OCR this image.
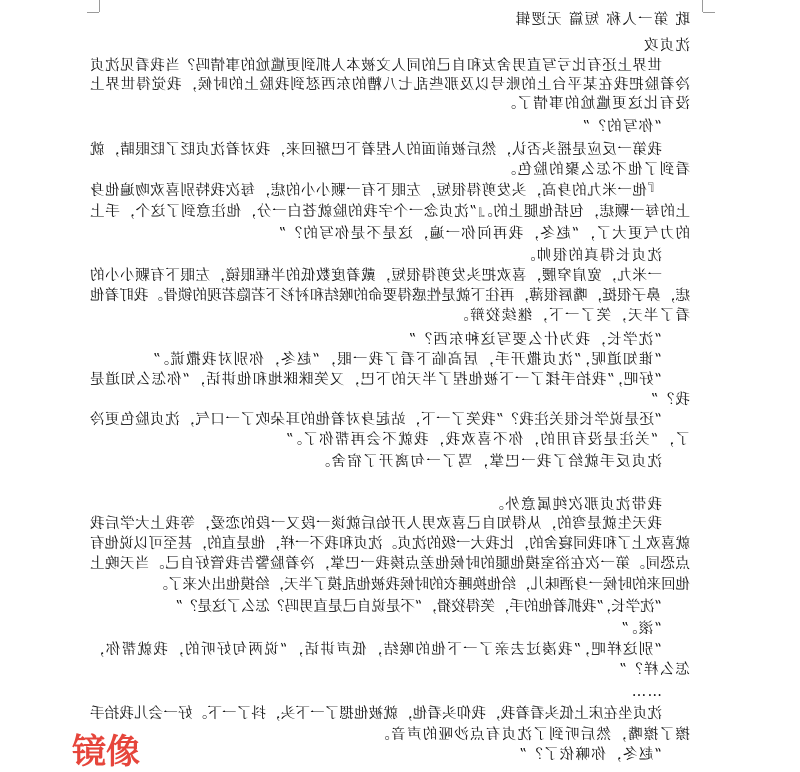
耽 第一人称 短篇 无逻辑
沈贞攻
世界上还有比亏写直男舍友和自己的同人文被本人抓到更尴尬的事情吗？当我看见沈贞
冷着脸把我在某平台上的账号以及那些乱七八糟的东西怼到我脸上的时候，我觉得世界上
没有比这更尴尬的事情了。
“你写的？”
我第一反应是摇头否认，然后被前面的人捏着下巴掰回来，我对着沈贞眨了眨眼睛，就
看到了他不怎么聚的脸色。
『他一米九的身高，头发剪得很短，左眼下有一颗小小的痣，每次我特别喜欢吻遍他身
上的每一颗痣，包括他腿上的。』”沈贞念一个字我的脸就苍白一分，他注意到了这个，手上
的力气更大了，“赵冬，我再问你一遍，这是不是你写的？”
沈贞长得真的很帅。
一米九，宽肩窄腰，喜欢把头发剪得很短，戴着度数低的半框眼镜，左眼下有颗小小的
痣，鼻子很挺，嘴唇很薄，再往下就是性感得要命的喉结和衬衫下若隐若现的锁骨。我盯着他
看了半天，笑了一下，继续狡辩。
“沈学长，我为什么要写这种东西？”
“谁知道呢，”沈贞撒开手，居高临下看了我一眼，“赵冬，你别对我撒谎。”
“好吧，”我抬手揉了一下被他捏了半天的下巴，又笑眯眯地和他讲话，“你怎么知道是
我？”
“还是说学长很关注我？”我笑了一下，站起身对着他的耳朵吹了一口气，沈贞脸色更冷
了，“关注是没有用的，你不喜欢我，我就不会再帮你了。”
沈贞反手就给了我一巴掌，骂了一句离开了宿舍。
我带沈贞那次纯属意外。
我天生就是弯的，从得知自己喜欢男人开始后就谈一段又一段的恋爱，等我上大学后我
就喜欢上了和我同寝舍的，比我大一级的沈贞。沈贞和我不一样，他是直的，甚至可以说他有
点恐同。第一次在浴室摸他腿的时候他差点揍我一巴掌，冷着脸警告我管好自己。当天晚上
他回来的时候一身酒味儿，给他换睡衣的时候我被他乱摸了半天，给摸他出火来了。
“沈学长，”我抓着他的手，笑得狡猾，“不是说自己是直男吗？怎么了这是？”
“滚。”
“别这样吧，”我凑过去亲了一下他的喉结，低声讲话，“说两句好听的，我就帮你，
怎么样？”
……
沈贞坐在床上低头看着我，我仰头看他，就被他摁了一下头，抖了一下。好一会儿我抬手
擦了擦嘴，然后听到了沈贞有点沙哑的声音。
“赵冬，你嘛依了？”
镜像
